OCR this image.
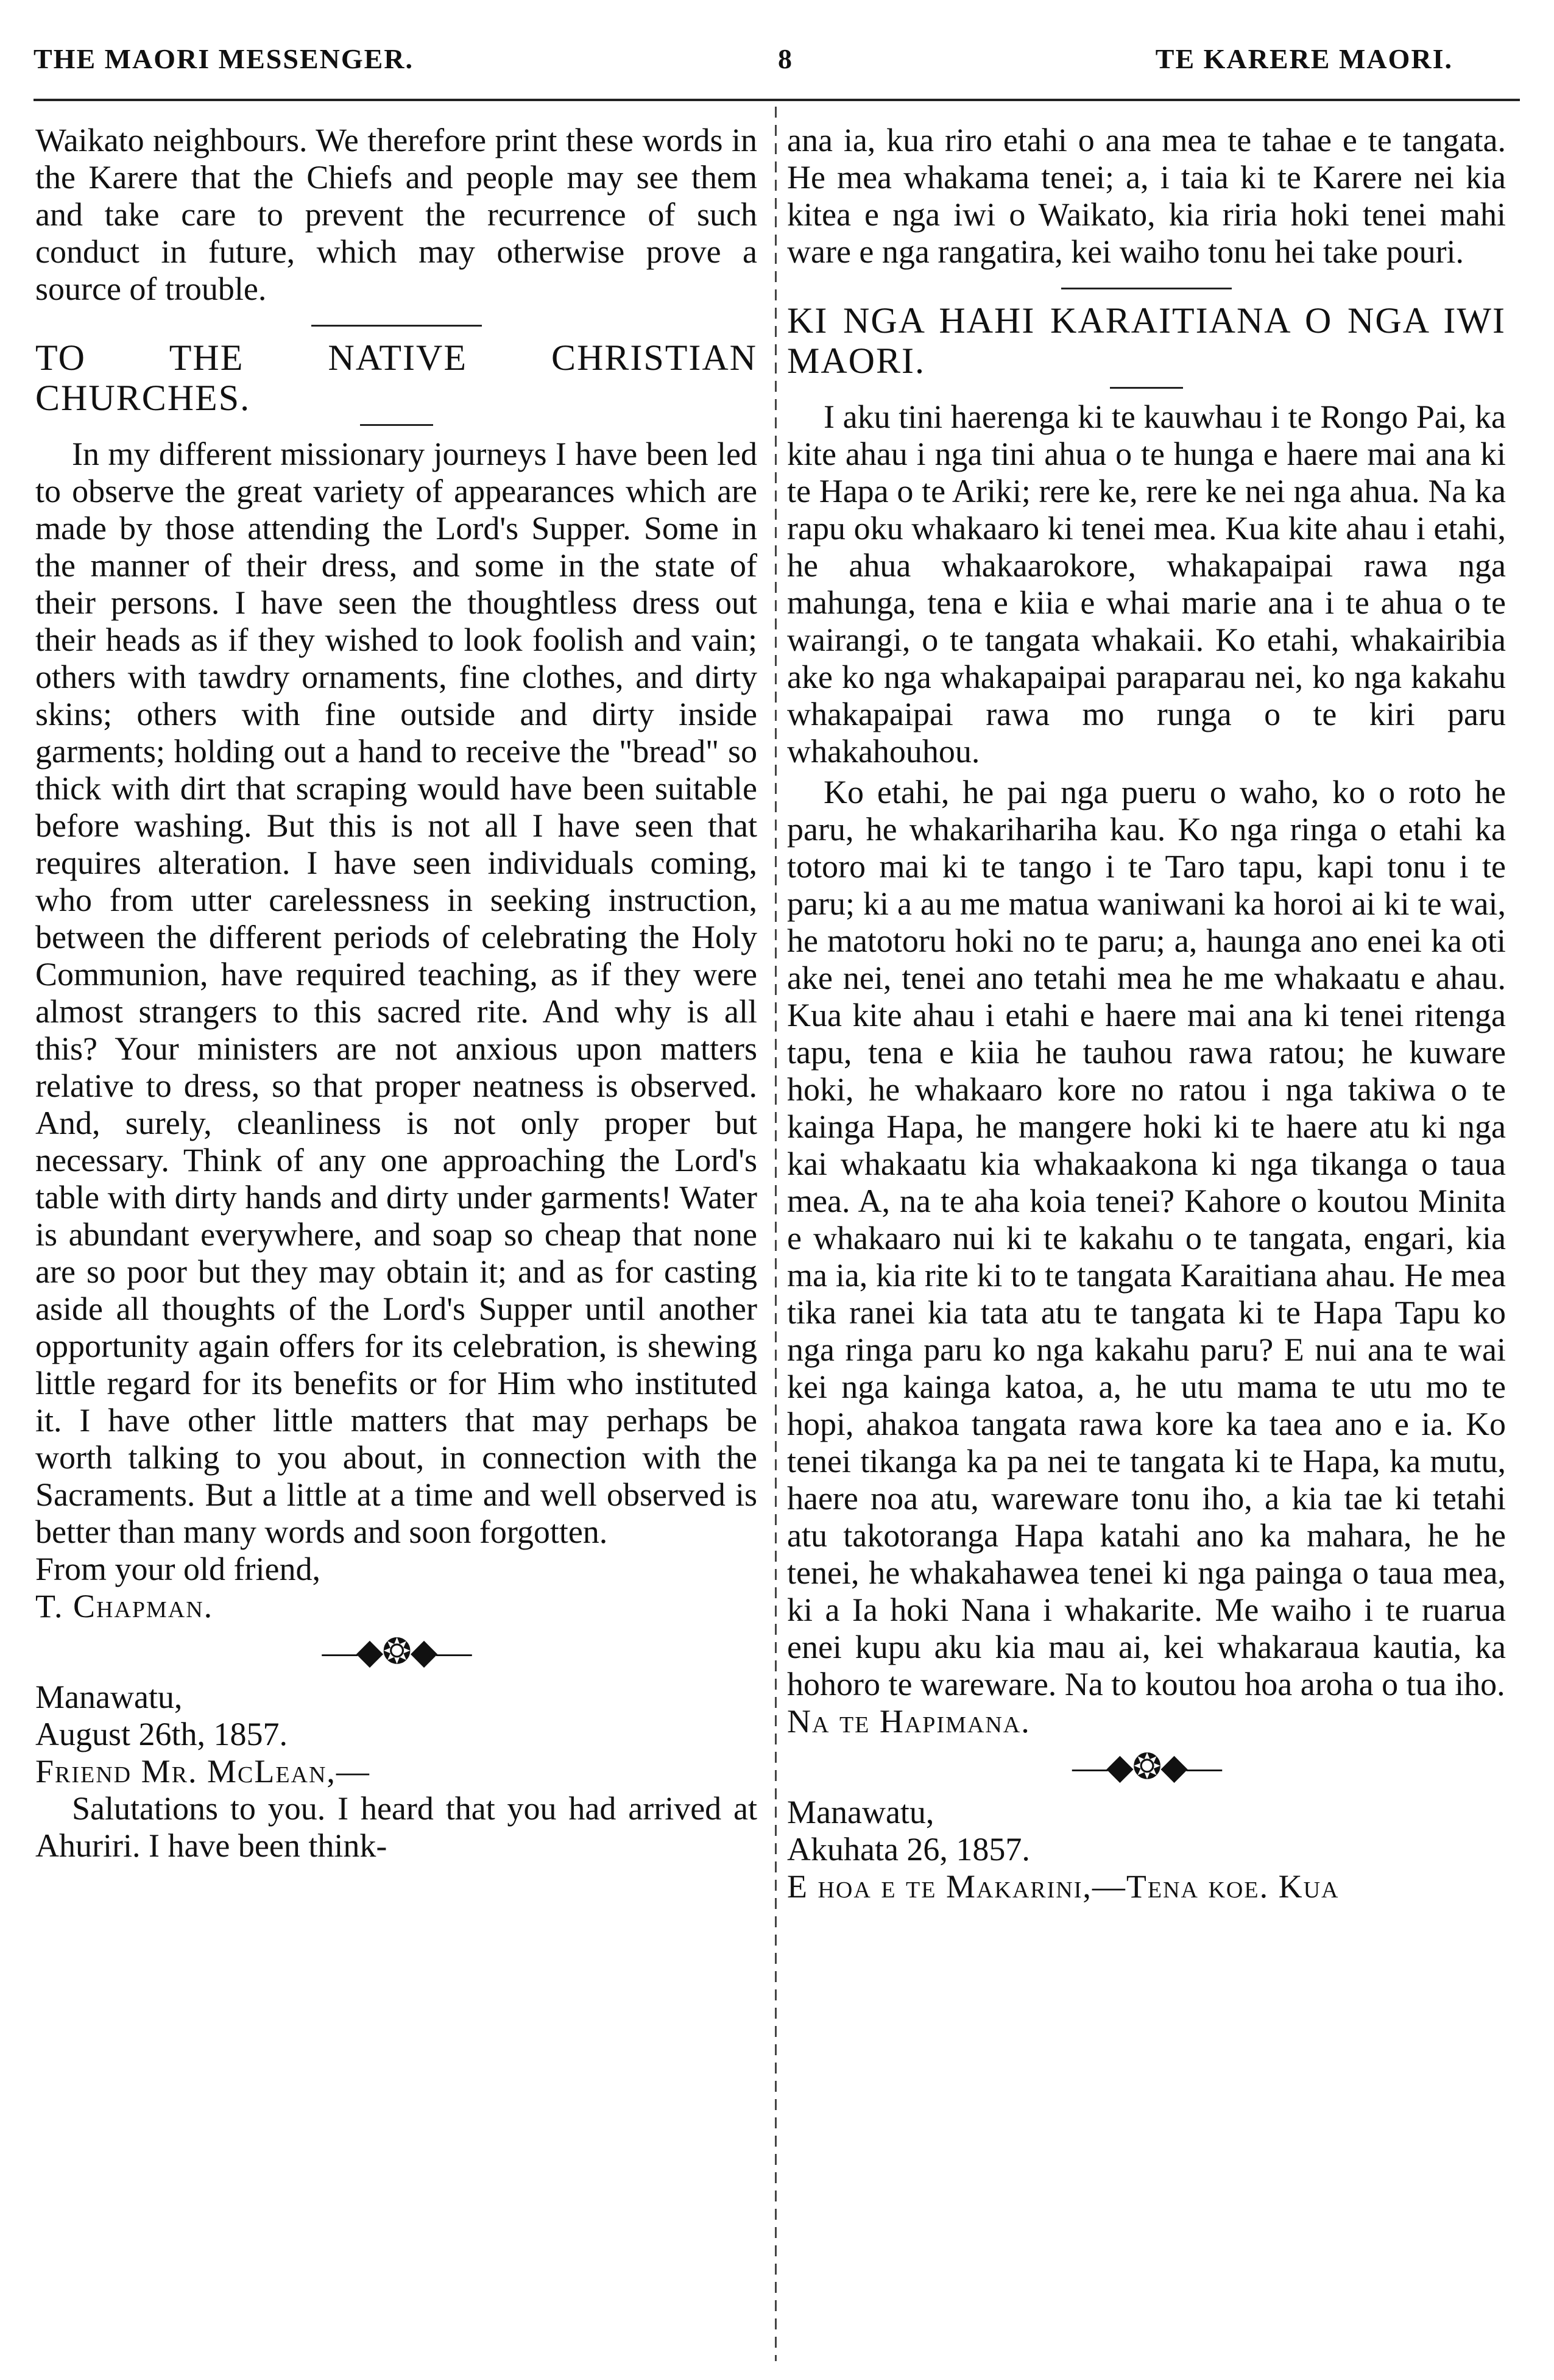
THE MAORI MESSENGER.	8	TE KARERE MAORI.

Waikato neighbours. We therefore print these words in the Karere that the Chiefs and people may see them and take care to prevent the recurrence of such conduct in future, which may otherwise prove a source of trouble.

TO THE NATIVE CHRISTIAN CHURCHES.

In my different missionary journeys I have been led to observe the great variety of appearances which are made by those attending the Lord's Supper. Some in the manner of their dress, and some in the state of their persons. I have seen the thoughtless dress out their heads as if they wished to look foolish and vain; others with tawdry ornaments, fine clothes, and dirty skins; others with fine outside and dirty inside garments; holding out a hand to receive the "bread" so thick with dirt that scraping would have been suitable before washing. But this is not all I have seen that requires alteration. I have seen individuals coming, who from utter carelessness in seeking instruction, between the different periods of celebrating the Holy Communion, have required teaching, as if they were almost strangers to this sacred rite. And why is all this? Your ministers are not anxious upon matters relative to dress, so that proper neatness is observed. And, surely, cleanliness is not only proper but necessary. Think of any one approaching the Lord's table with dirty hands and dirty under garments! Water is abundant everywhere, and soap so cheap that none are so poor but they may obtain it; and as for casting aside all thoughts of the Lord's Supper until another opportunity again offers for its celebration, is shewing little regard for its benefits or for Him who instituted it. I have other little matters that may perhaps be worth talking to you about, in connection with the Sacraments. But a little at a time and well observed is better than many words and soon forgotten.

From your old friend,

T. Chapman.

—◆❂◆—

Manawatu,

August 26th, 1857.

Friend Mr. McLean,—

Salutations to you. I heard that you had arrived at Ahuriri. I have been think-

ana ia, kua riro etahi o ana mea te tahae e te tangata. He mea whakama tenei; a, i taia ki te Karere nei kia kitea e nga iwi o Waikato, kia riria hoki tenei mahi ware e nga rangatira, kei waiho tonu hei take pouri.

KI NGA HAHI KARAITIANA O NGA IWI MAORI.

I aku tini haerenga ki te kauwhau i te Rongo Pai, ka kite ahau i nga tini ahua o te hunga e haere mai ana ki te Hapa o te Ariki; rere ke, rere ke nei nga ahua. Na ka rapu oku whakaaro ki tenei mea. Kua kite ahau i etahi, he ahua whakaarokore, whakapaipai rawa nga mahunga, tena e kiia e whai marie ana i te ahua o te wairangi, o te tangata whakaii. Ko etahi, whakairibia ake ko nga whakapaipai paraparau nei, ko nga kakahu whakapaipai rawa mo runga o te kiri paru whakahouhou.

Ko etahi, he pai nga pueru o waho, ko o roto he paru, he whakarihariha kau. Ko nga ringa o etahi ka totoro mai ki te tango i te Taro tapu, kapi tonu i te paru; ki a au me matua waniwani ka horoi ai ki te wai, he matotoru hoki no te paru; a, haunga ano enei ka oti ake nei, tenei ano tetahi mea he me whakaatu e ahau. Kua kite ahau i etahi e haere mai ana ki tenei ritenga tapu, tena e kiia he tauhou rawa ratou; he kuware hoki, he whakaaro kore no ratou i nga takiwa o te kainga Hapa, he mangere hoki ki te haere atu ki nga kai whakaatu kia whakaakona ki nga tikanga o taua mea. A, na te aha koia tenei? Kahore o koutou Minita e whakaaro nui ki te kakahu o te tangata, engari, kia ma ia, kia rite ki to te tangata Karaitiana ahau. He mea tika ranei kia tata atu te tangata ki te Hapa Tapu ko nga ringa paru ko nga kakahu paru? E nui ana te wai kei nga kainga katoa, a, he utu mama te utu mo te hopi, ahakoa tangata rawa kore ka taea ano e ia. Ko tenei tikanga ka pa nei te tangata ki te Hapa, ka mutu, haere noa atu, wareware tonu iho, a kia tae ki tetahi atu takotoranga Hapa katahi ano ka mahara, he he tenei, he whakahawea tenei ki nga painga o taua mea, ki a Ia hoki Nana i whakarite. Me waiho i te ruarua enei kupu aku kia mau ai, kei whakaraua kautia, ka hohoro te wareware. Na to koutou hoa aroha o tua iho.

Na te Hapimana.

—◆❂◆—

Manawatu,

Akuhata 26, 1857.

E hoa e te Makarini,—Tena koe. Kua
